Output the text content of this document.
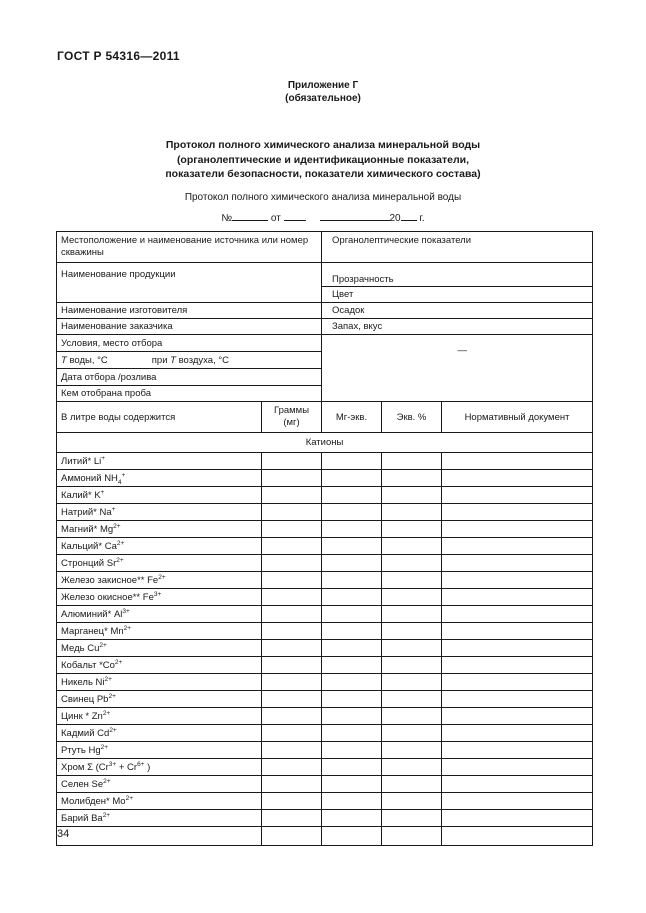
ГОСТ Р 54316—2011
Приложение Г
(обязательное)
Протокол полного химического анализа минеральной воды
(органолептические и идентификационные показатели,
показатели безопасности, показатели химического состава)
Протокол полного химического анализа минеральной воды
№	от	20 г.
Местоположение и наименование источника или номер скважины		Органолептические показатели		
Наименование продукции		Прозрачность		
		Цвет		
Наименование изготовителя		Осадок		
Наименование заказчика		Запах, вкус		
Условия, место отбора		—		
T воды, °С при T воздуха, °С				
Дата отбора /розлива				
Кем отобрана проба				
В литре воды содержится	Граммы (мг)	Мг-экв.	Экв. %	Нормативный документ
Катионы				
Литий* Li+				
Аммоний $NH_4^+$				
Калий* K+				
Натрий* Na+				
Магний* $Mg^{2+}$				
Кальций* $Ca^{2+}$				
Стронций $Sr^{2+}$				
Железо закисное** $Fe^{2+}$				
Железо окисное** $Fe^{3+}$				
Алюминий* $Al^{3+}$				
Марганец* $Mn^{2+}$				
Медь $Cu^{2+}$				
Кобальт $*Co^{2+}$				
Никель $Ni^{2+}$				
Свинец $Pb^{2+}$				
Цинк * $Zn^{2+}$				
Кадмий $Cd^{2+}$				
Ртуть $Hg^{2+}$				
Хром Σ ($Cr^{3+} + Cr^{6+}$ )				
Селен $Se^{2+}$				
Молибден* $Mo^{2+}$				
Барий $Ba^{2+}$				

34
